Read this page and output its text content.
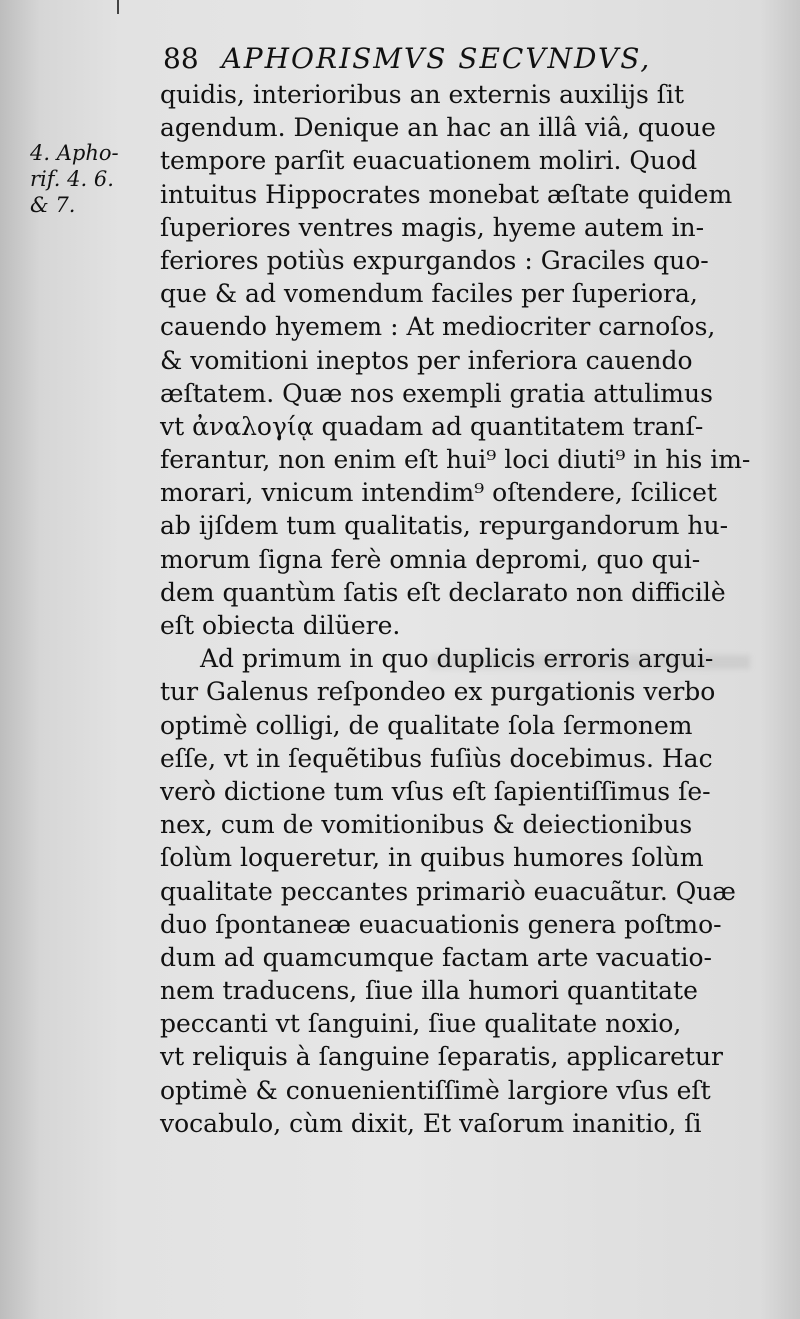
88 APHORISMVS SECVNDVS,
4. Apho-
rif. 4. 6.
& 7.
quidis, interioribus an externis auxilijs ſit
agendum. Denique an hac an illâ viâ, quoue
tempore parſit euacuationem moliri. Quod
intuitus Hippocrates monebat æſtate quidem
ſuperiores ventres magis, hyeme autem in-
feriores potiùs expurgandos : Graciles quo-
que & ad vomendum faciles per ſuperiora,
cauendo hyemem : At mediocriter carnoſos,
& vomitioni ineptos per inferiora cauendo
æſtatem. Quæ nos exempli gratia attulimus
vt ἀναλογίᾳ quadam ad quantitatem tranſ-
ferantur, non enim eſt hui⁹ loci diuti⁹ in his im-
morari, vnicum intendim⁹ oſtendere, ſcilicet
ab ijſdem tum qualitatis, repurgandorum hu-
morum ſigna ferè omnia depromi, quo qui-
dem quantùm ſatis eſt declarato non difficilè
eſt obiecta dilüere.
Ad primum in quo duplicis erroris argui-
tur Galenus reſpondeo ex purgationis verbo
optimè colligi, de qualitate ſola ſermonem
eſſe, vt in ſequẽtibus fuſiùs docebimus. Hac
verò dictione tum vſus eſt ſapientiſſimus ſe-
nex, cum de vomitionibus & deiectionibus
ſolùm loqueretur, in quibus humores ſolùm
qualitate peccantes primariò euacuãtur. Quæ
duo ſpontaneæ euacuationis genera poſtmo-
dum ad quamcumque factam arte vacuatio-
nem traducens, ſiue illa humori quantitate
peccanti vt ſanguini, ſiue qualitate noxio,
vt reliquis à ſanguine ſeparatis, applicaretur
optimè & conuenientiſſimè largiore vſus eſt
vocabulo, cùm dixit, Et vaſorum inanitio, ſi
